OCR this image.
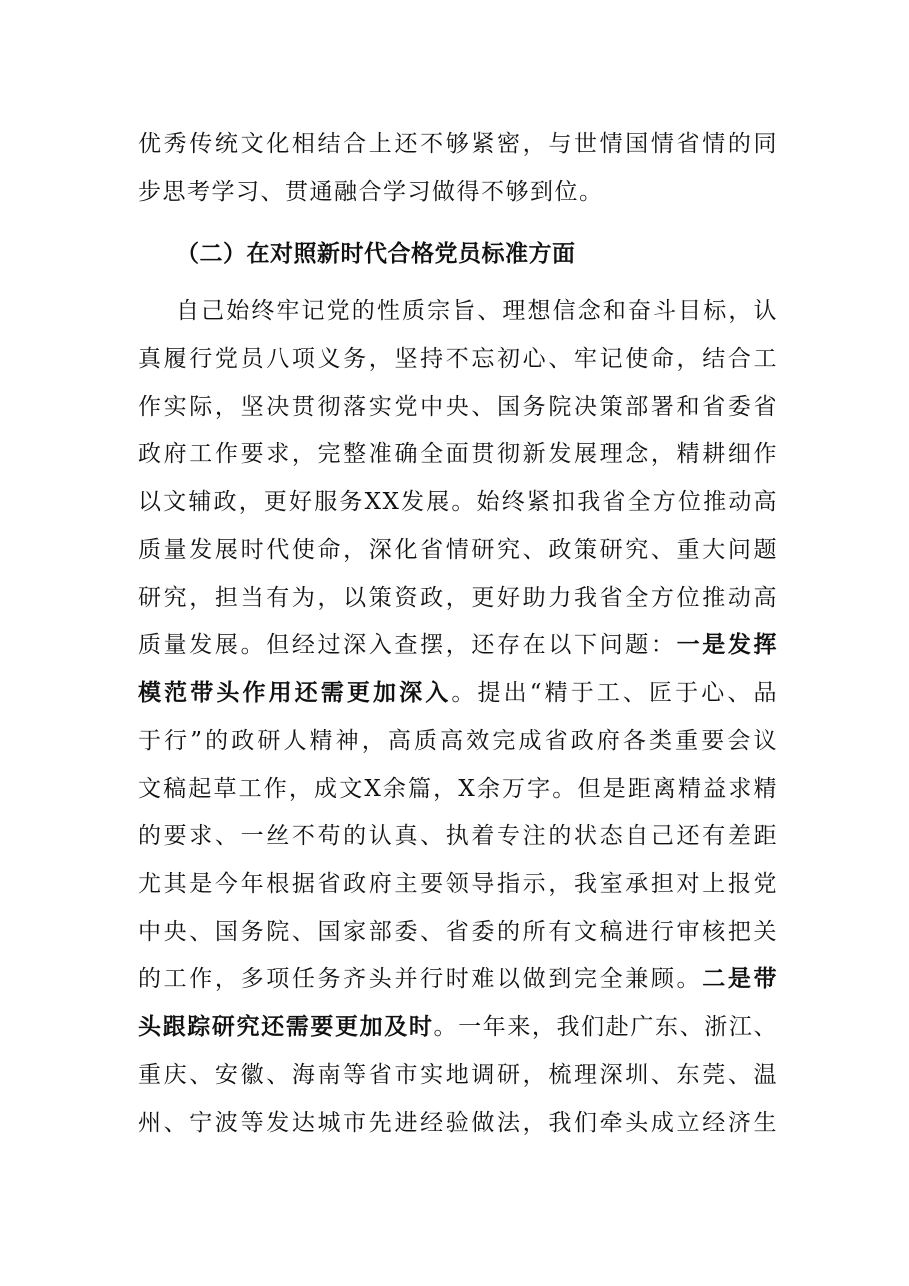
优秀传统文化相结合上还不够紧密，与世情国情省情的同
步思考学习、贯通融合学习做得不够到位。
（二）在对照新时代合格党员标准方面
自己始终牢记党的性质宗旨、理想信念和奋斗目标，认
真履行党员八项义务，坚持不忘初心、牢记使命，结合工
作实际，坚决贯彻落实党中央、国务院决策部署和省委省
政府工作要求，完整准确全面贯彻新发展理念，精耕细作
以文辅政，更好服务XX发展。始终紧扣我省全方位推动高
质量发展时代使命，深化省情研究、政策研究、重大问题
研究，担当有为，以策资政，更好助力我省全方位推动高
质量发展。但经过深入查摆，还存在以下问题：一是发挥
模范带头作用还需更加深入。提出“精于工、匠于心、品
于行”的政研人精神，高质高效完成省政府各类重要会议
文稿起草工作，成文X余篇，X余万字。但是距离精益求精
的要求、一丝不苟的认真、执着专注的状态自己还有差距
尤其是今年根据省政府主要领导指示，我室承担对上报党
中央、国务院、国家部委、省委的所有文稿进行审核把关
的工作，多项任务齐头并行时难以做到完全兼顾。二是带
头跟踪研究还需要更加及时。一年来，我们赴广东、浙江、
重庆、安徽、海南等省市实地调研，梳理深圳、东莞、温
州、宁波等发达城市先进经验做法，我们牵头成立经济生
